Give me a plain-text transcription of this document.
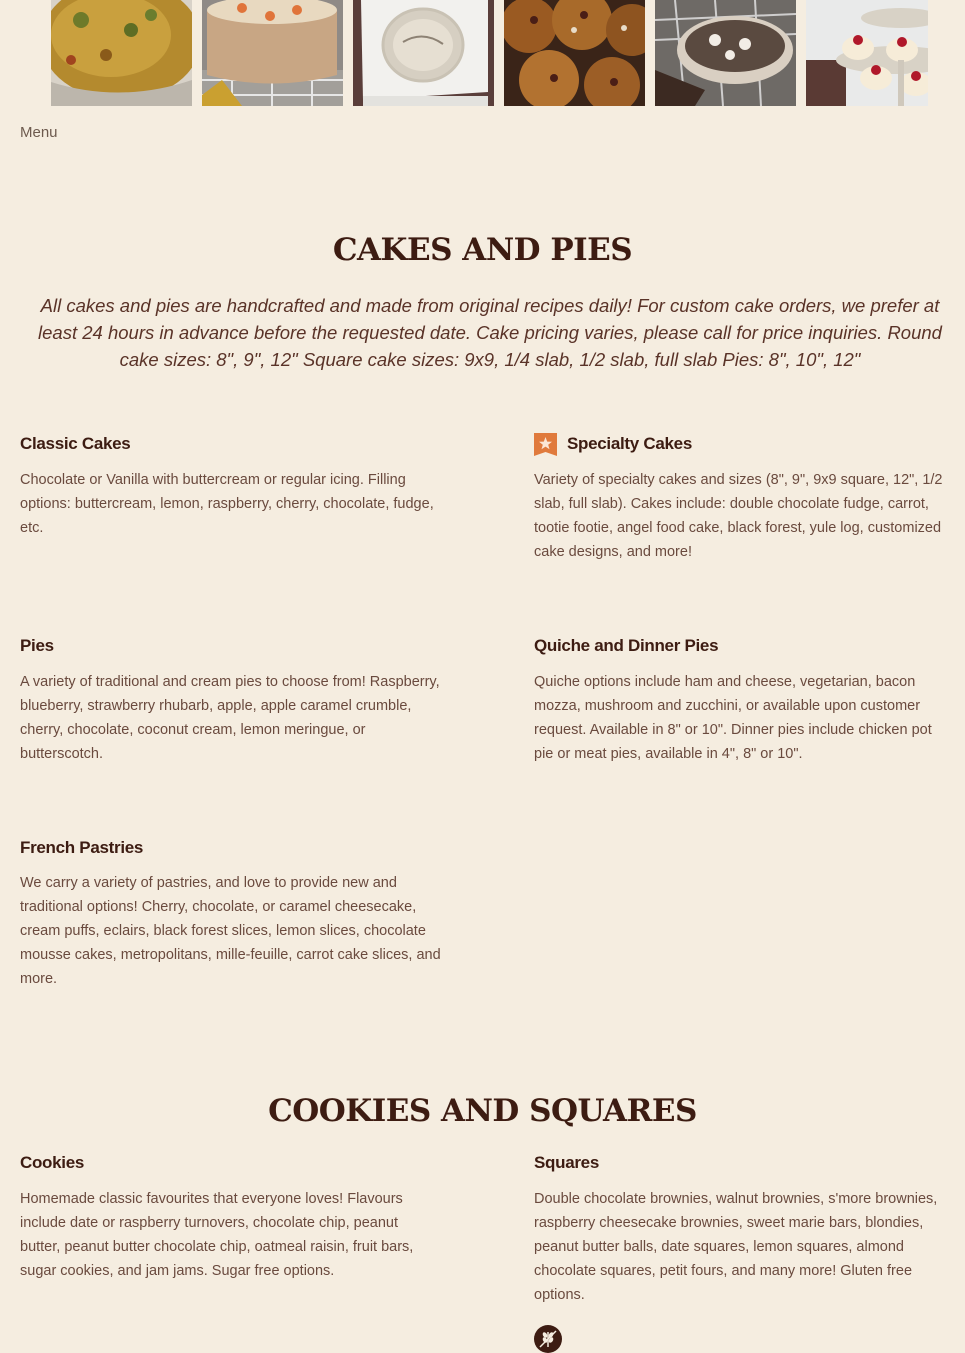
Menu
CAKES AND PIES

All cakes and pies are handcrafted and made from original recipes daily! For custom cake orders, we prefer at least 24 hours in advance before the requested date. Cake pricing varies, please call for price inquiries. Round cake sizes: 8", 9", 12" Square cake sizes: 9x9, 1/4 slab, 1/2 slab, full slab Pies: 8", 10", 12"

Classic Cakes

Chocolate or Vanilla with buttercream or regular icing. Filling options: buttercream, lemon, raspberry, cherry, chocolate, fudge, etc.

Specialty Cakes

Variety of specialty cakes and sizes (8", 9", 9x9 square, 12", 1/2 slab, full slab). Cakes include: double chocolate fudge, carrot, tootie footie, angel food cake, black forest, yule log, customized cake designs, and more!

Pies

A variety of traditional and cream pies to choose from! Raspberry, blueberry, strawberry rhubarb, apple, apple caramel crumble, cherry, chocolate, coconut cream, lemon meringue, or butterscotch.

Quiche and Dinner Pies

Quiche options include ham and cheese, vegetarian, bacon mozza, mushroom and zucchini, or available upon customer request. Available in 8" or 10". Dinner pies include chicken pot pie or meat pies, available in 4", 8" or 10".

French Pastries

We carry a variety of pastries, and love to provide new and traditional options! Cherry, chocolate, or caramel cheesecake, cream puffs, eclairs, black forest slices, lemon slices, chocolate mousse cakes, metropolitans, mille-feuille, carrot cake slices, and more.

COOKIES AND SQUARES
Cookies

Homemade classic favourites that everyone loves! Flavours include date or raspberry turnovers, chocolate chip, peanut butter, peanut butter chocolate chip, oatmeal raisin, fruit bars, sugar cookies, and jam jams. Sugar free options.

Squares

Double chocolate brownies, walnut brownies, s'more brownies, raspberry cheesecake brownies, sweet marie bars, blondies, peanut butter balls, date squares, lemon squares, almond chocolate squares, petit fours, and many more! Gluten free options.
